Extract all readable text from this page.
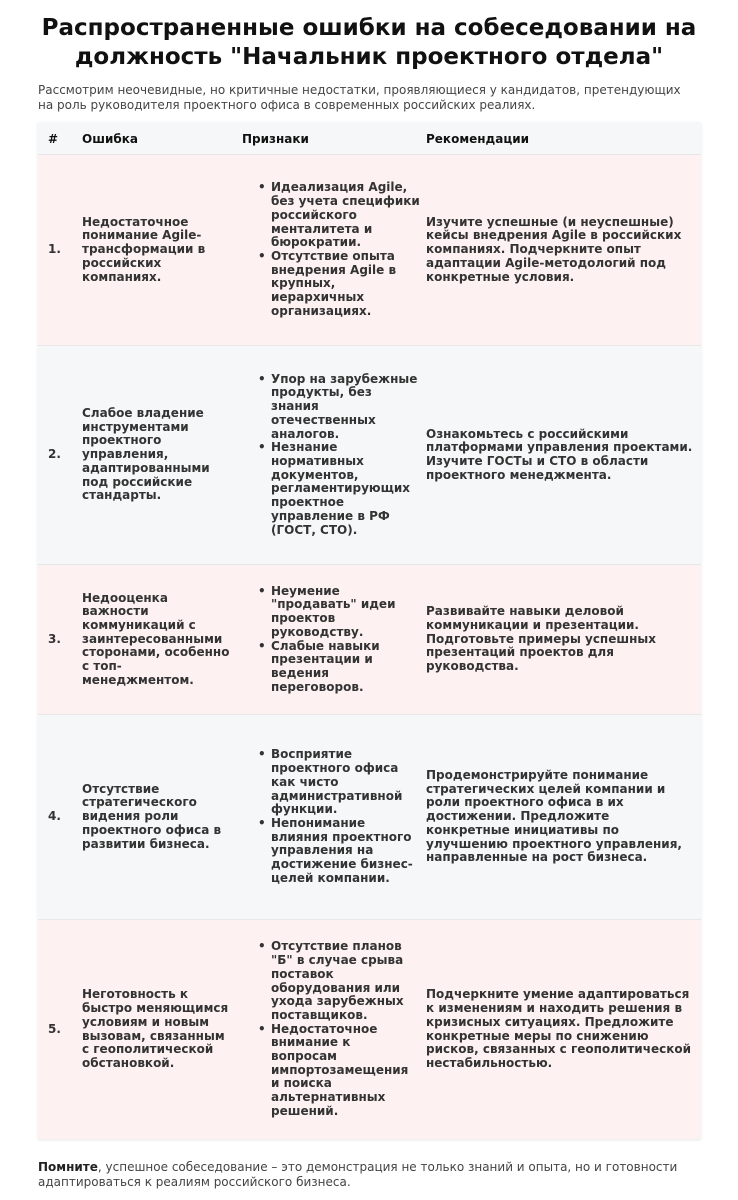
Распространенные ошибки на собеседовании на должность "Начальник проектного отдела"

Рассмотрим неочевидные, но критичные недостатки, проявляющиеся у кандидатов, претендующих на роль руководителя проектного офиса в современных российских реалиях.

# Ошибка	Признаки	Рекомендации
1.
Недостаточное понимание Agile-трансформации в российских компаниях.
• Идеализация Agile, без учета специфики российского менталитета и бюрократии.
• Отсутствие опыта внедрения Agile в крупных, иерархичных организациях.
Изучите успешные (и неуспешные) кейсы внедрения Agile в российских компаниях. Подчеркните опыт адаптации Agile-методологий под конкретные условия.
2.
Слабое владение инструментами проектного управления, адаптированными под российские стандарты.
• Упор на зарубежные продукты, без знания отечественных аналогов.
• Незнание нормативных документов, регламентирующих проектное управление в РФ (ГОСТ, СТО).
Ознакомьтесь с российскими платформами управления проектами. Изучите ГОСТы и СТО в области проектного менеджмента.
3.
Недооценка важности коммуникаций с заинтересованными сторонами, особенно с топ-менеджментом.
• Неумение "продавать" идеи проектов руководству.
• Слабые навыки презентации и ведения переговоров.
Развивайте навыки деловой коммуникации и презентации. Подготовьте примеры успешных презентаций проектов для руководства.
4.
Отсутствие стратегического видения роли проектного офиса в развитии бизнеса.
• Восприятие проектного офиса как чисто административной функции.
• Непонимание влияния проектного управления на достижение бизнес-целей компании.
Продемонстрируйте понимание стратегических целей компании и роли проектного офиса в их достижении. Предложите конкретные инициативы по улучшению проектного управления, направленные на рост бизнеса.
5.
Неготовность к быстро меняющимся условиям и новым вызовам, связанным с геополитической обстановкой.
• Отсутствие планов "Б" в случае срыва поставок оборудования или ухода зарубежных поставщиков.
• Недостаточное внимание к вопросам импортозамещения и поиска альтернативных решений.
Подчеркните умение адаптироваться к изменениям и находить решения в кризисных ситуациях. Предложите конкретные меры по снижению рисков, связанных с геополитической нестабильностью.

Помните, успешное собеседование – это демонстрация не только знаний и опыта, но и готовности адаптироваться к реалиям российского бизнеса.
